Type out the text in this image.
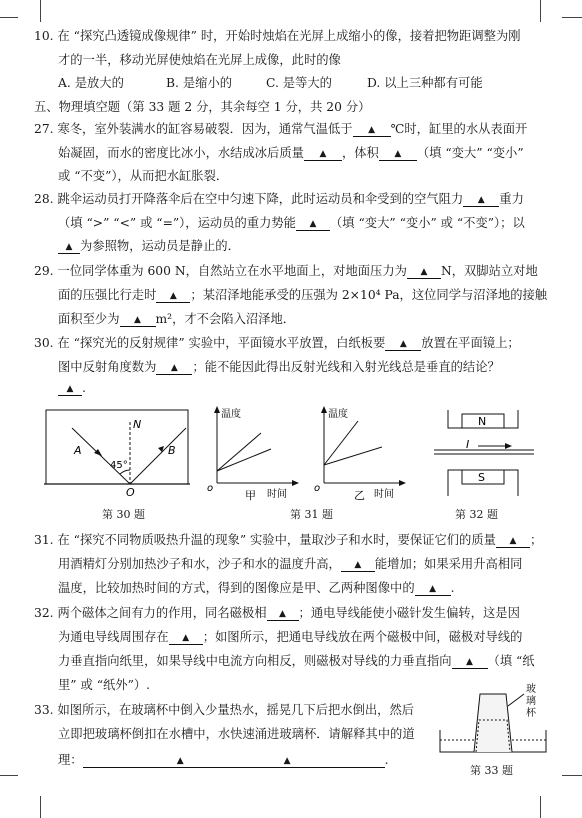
10. 在 “探究凸透镜成像规律” 时，开始时烛焰在光屏上成缩小的像，接着把物距调整为刚
才的一半，移动光屏使烛焰在光屏上成像，此时的像
A. 是放大的	B. 是缩小的	C. 是等大的	D. 以上三种都有可能
五、物理填空题（第 33 题 2 分，其余每空 1 分，共 20 分）
27. 寒冬，室外装满水的缸容易破裂．因为，通常气温低于 ▲ ℃时，缸里的水从表面开
始凝固，而水的密度比冰小，水结成冰后质量 ▲ ，体积 ▲ （填 “变大” “变小”
或 “不变”），从而把水缸胀裂．
28. 跳伞运动员打开降落伞后在空中匀速下降，此时运动员和伞受到的空气阻力 ▲ 重力
（填 “>” “<” 或 “=”），运动员的重力势能 ▲ （填 “变大” “变小” 或 “不变”）；以
▲ 为参照物，运动员是静止的．
29. 一位同学体重为 600 N，自然站立在水平地面上，对地面压力为 ▲ N，双脚站立对地
面的压强比行走时 ▲ ；某沼泽地能承受的压强为 2×10⁴ Pa，这位同学与沼泽地的接触
面积至少为 ▲ m²，才不会陷入沼泽地．
30. 在 “探究光的反射规律” 实验中，平面镜水平放置，白纸板要 ▲ 放置在平面镜上；
图中反射角度数为 ▲ ；能不能因此得出反射光线和入射光线总是垂直的结论？
▲ .
A	B
N
45°
O
第 30 题
温度
o
时间
甲
温度
o
时间
乙
第 31 题
N
I
S
第 32 题
31. 在 “探究不同物质吸热升温的现象” 实验中，量取沙子和水时，要保证它们的质量 ▲ ；
用酒精灯分别加热沙子和水，沙子和水的温度升高， ▲ 能增加；如果采用升高相同
温度，比较加热时间的方式，得到的图像应是甲、乙两种图像中的 ▲ .
32. 两个磁体之间有力的作用，同名磁极相 ▲ ；通电导线能使小磁针发生偏转，这是因
为通电导线周围存在 ▲ ；如图所示，把通电导线放在两个磁极中间，磁极对导线的
力垂直指向纸里，如果导线中电流方向相反，则磁极对导线的力垂直指向 ▲ （填 “纸
里” 或 “纸外”）.
33. 如图所示，在玻璃杯中倒入少量热水，摇晃几下后把水倒出，然后
立即把玻璃杯倒扣在水槽中，水快速涌进玻璃杯．请解释其中的道
理：	▲	▲	.
玻
璃
杯
第 33 题
